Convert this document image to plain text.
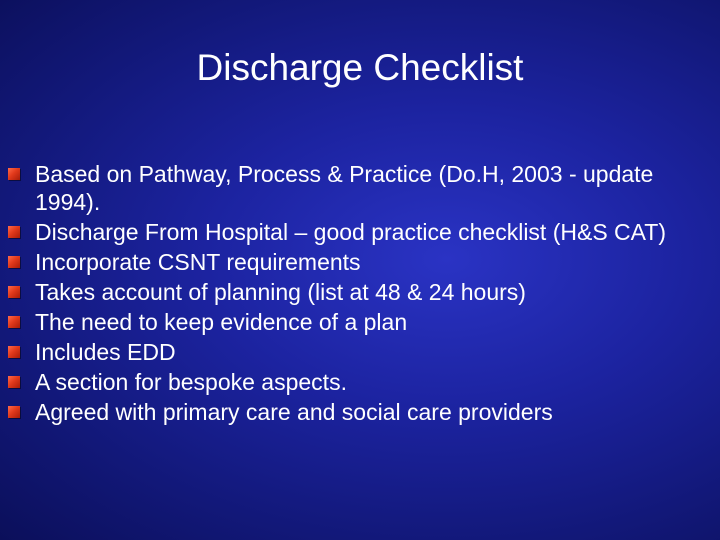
Discharge Checklist
Based on Pathway, Process & Practice (Do.H, 2003 - update 1994).
Discharge From Hospital – good practice checklist (H&S CAT)
Incorporate CSNT requirements
Takes account of planning (list at 48 & 24 hours)
The need to keep evidence of a plan
Includes EDD
A section for bespoke aspects.
Agreed with primary care and social care providers
